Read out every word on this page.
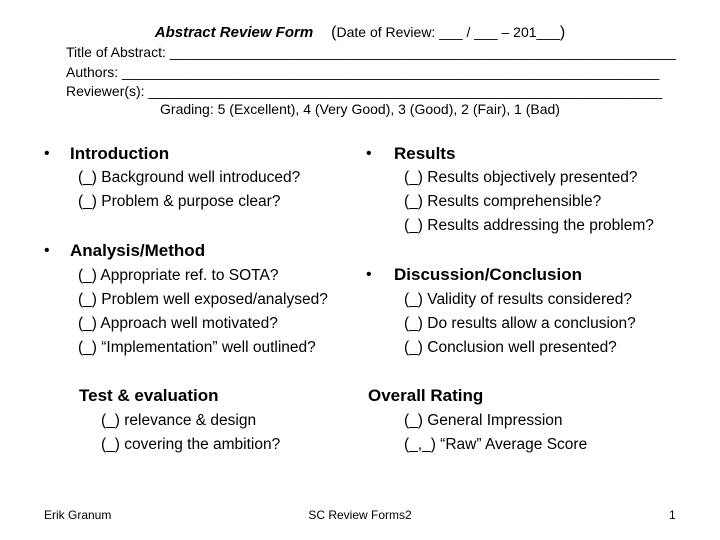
Abstract Review Form (Date of Review: ___ / ___ – 201___)
Title of Abstract: _________________________________________________________________
Authors: _____________________________________________________________________
Reviewer(s): __________________________________________________________________
Grading: 5 (Excellent), 4 (Very Good), 3 (Good), 2 (Fair), 1 (Bad)
• Introduction
(_) Background well introduced?
(_) Problem & purpose clear?
• Analysis/Method
(_) Appropriate ref. to SOTA?
(_) Problem well exposed/analysed?
(_) Approach well motivated?
(_) “Implementation” well outlined?
Test & evaluation
(_) relevance & design
(_) covering the ambition?
• Results
(_) Results objectively presented?
(_) Results comprehensible?
(_) Results addressing the problem?
• Discussion/Conclusion
(_) Validity of results considered?
(_) Do results allow a conclusion?
(_) Conclusion well presented?
Overall Rating
(_) General Impression
(_,_) “Raw” Average Score
Erik Granum	SC Review Forms2	1
